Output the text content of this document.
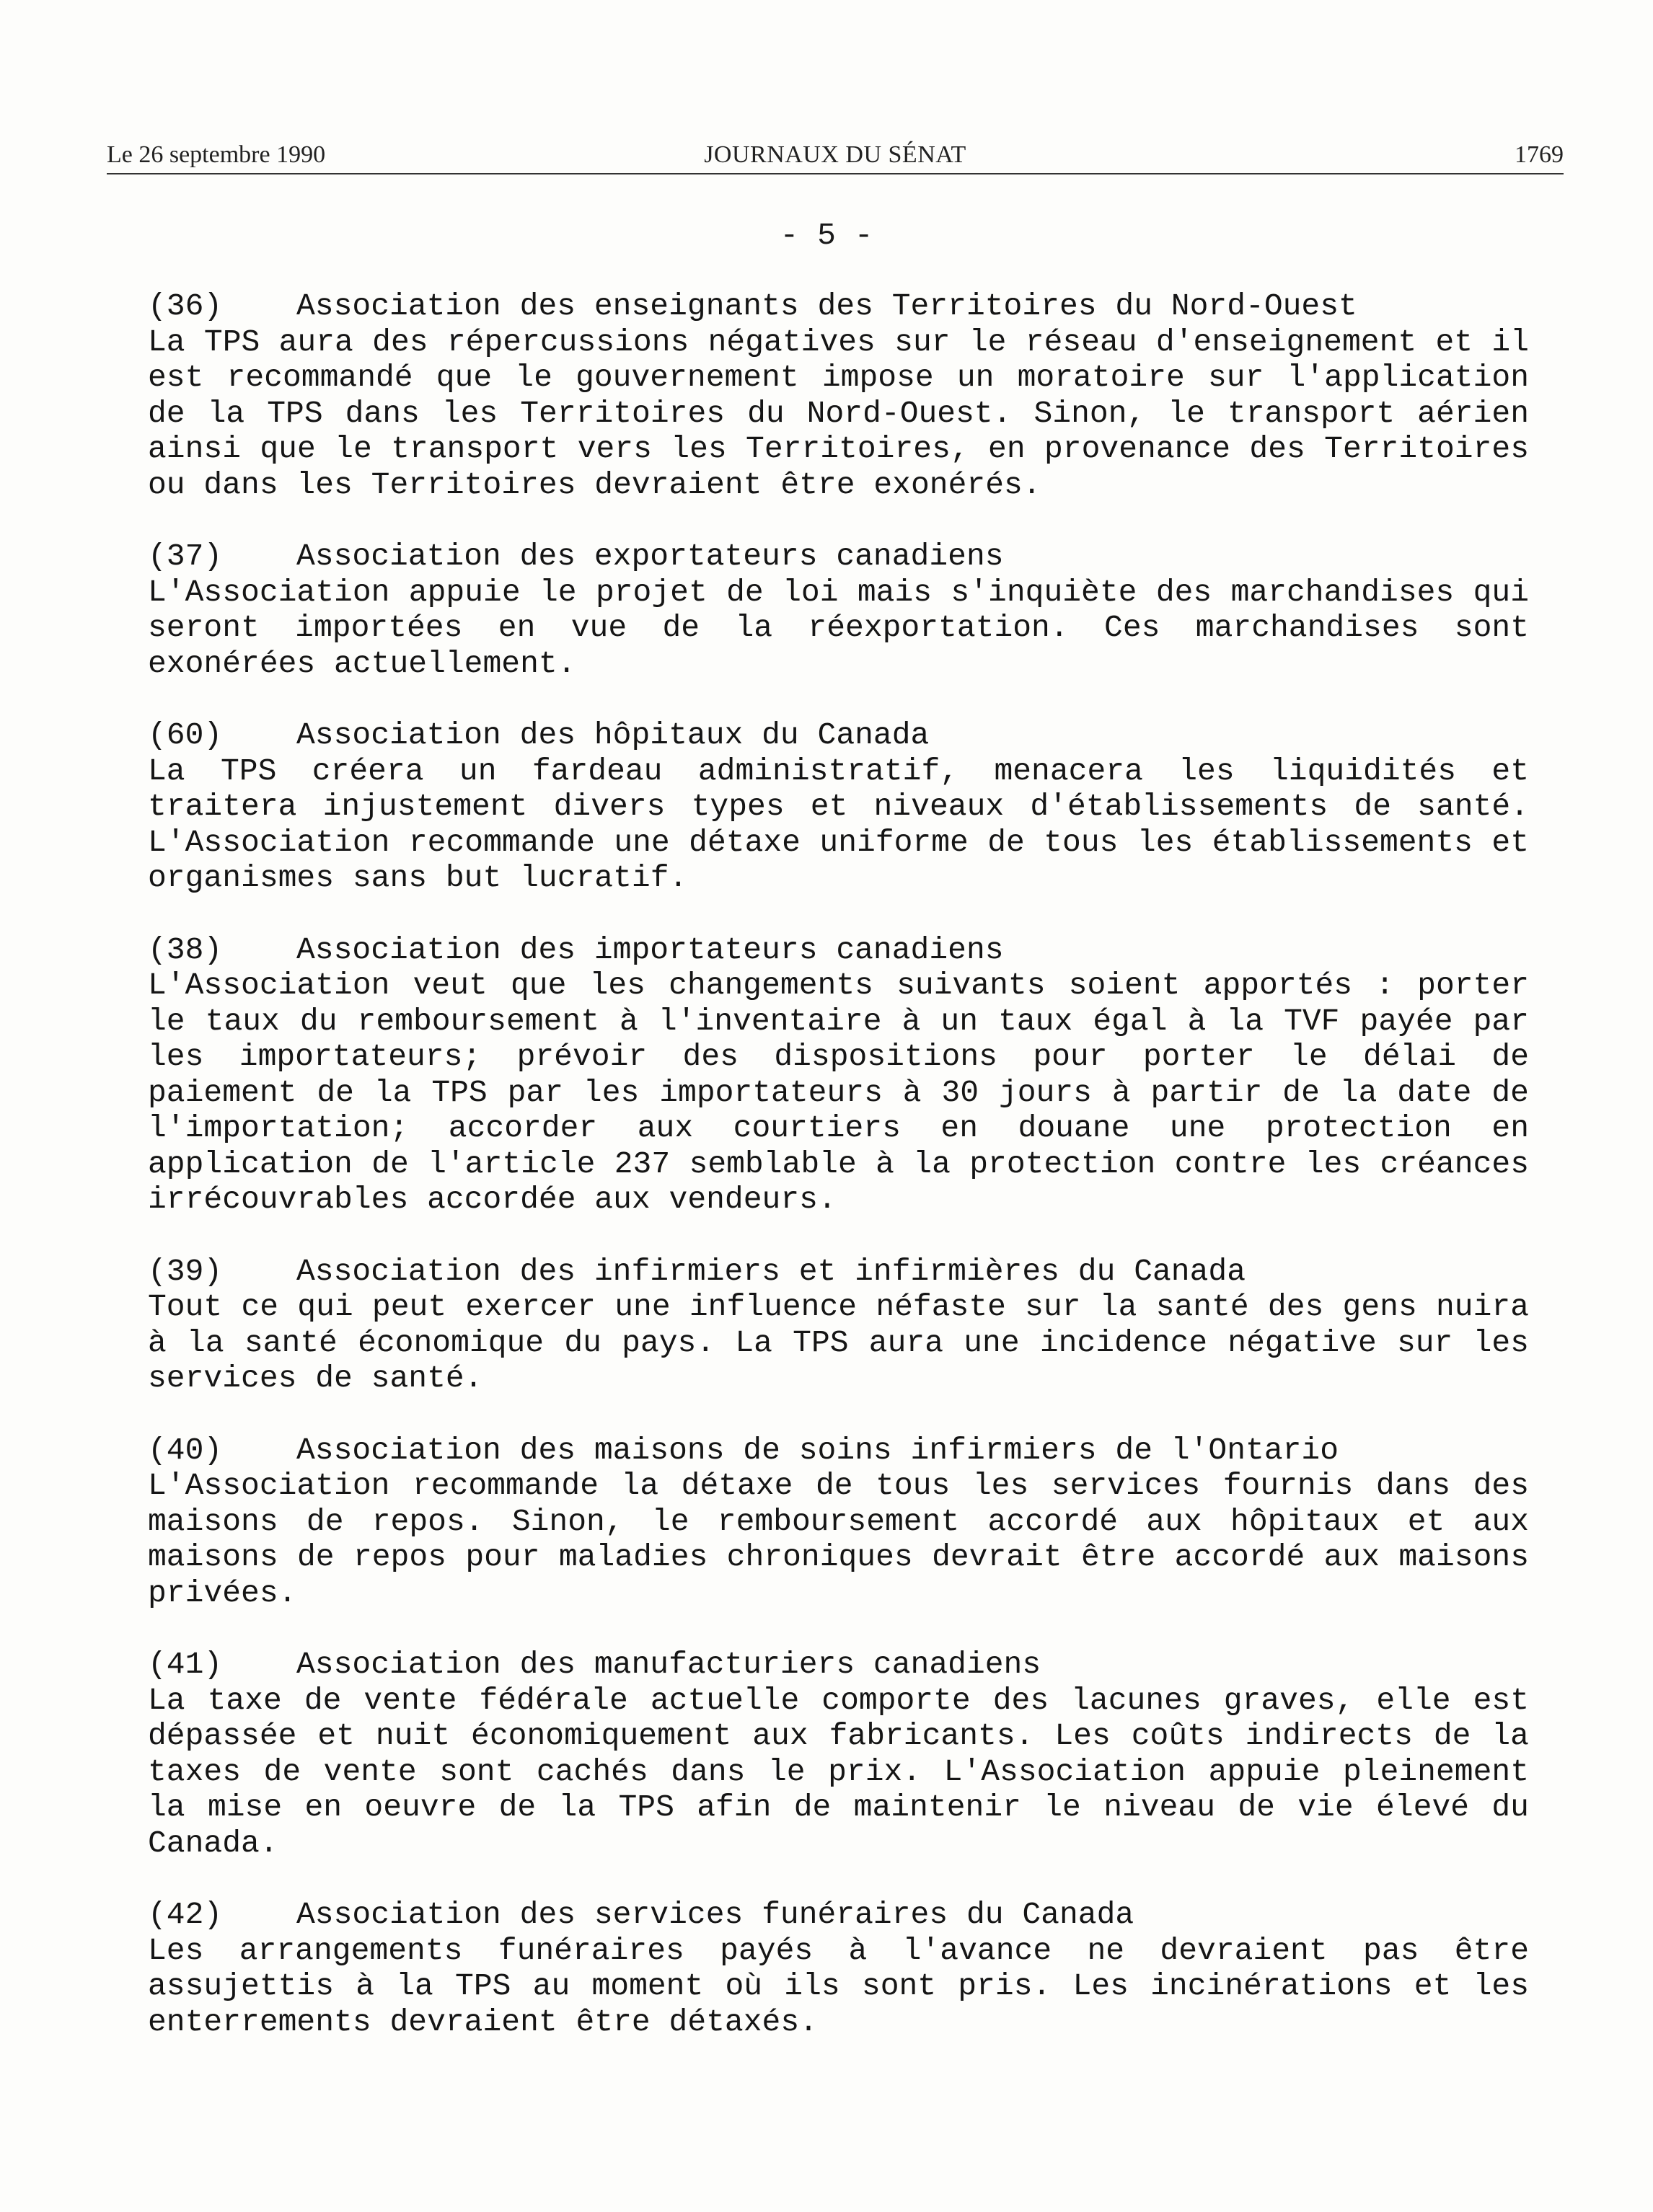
Le 26 septembre 1990	JOURNAUX DU SÉNAT	1769
- 5 -
(36) Association des enseignants des Territoires du Nord-Ouest
La TPS aura des répercussions négatives sur le réseau d'enseignement et il est recommandé que le gouvernement impose un moratoire sur l'application de la TPS dans les Territoires du Nord-Ouest. Sinon, le transport aérien ainsi que le transport vers les Territoires, en provenance des Territoires ou dans les Territoires devraient être exonérés.
(37) Association des exportateurs canadiens
L'Association appuie le projet de loi mais s'inquiète des marchandises qui seront importées en vue de la réexportation. Ces marchandises sont exonérées actuellement.
(60) Association des hôpitaux du Canada
La TPS créera un fardeau administratif, menacera les liquidités et traitera injustement divers types et niveaux d'établissements de santé. L'Association recommande une détaxe uniforme de tous les établissements et organismes sans but lucratif.
(38) Association des importateurs canadiens
L'Association veut que les changements suivants soient apportés : porter le taux du remboursement à l'inventaire à un taux égal à la TVF payée par les importateurs; prévoir des dispositions pour porter le délai de paiement de la TPS par les importateurs à 30 jours à partir de la date de l'importation; accorder aux courtiers en douane une protection en application de l'article 237 semblable à la protection contre les créances irrécouvrables accordée aux vendeurs.
(39) Association des infirmiers et infirmières du Canada
Tout ce qui peut exercer une influence néfaste sur la santé des gens nuira à la santé économique du pays. La TPS aura une incidence négative sur les services de santé.
(40) Association des maisons de soins infirmiers de l'Ontario
L'Association recommande la détaxe de tous les services fournis dans des maisons de repos. Sinon, le remboursement accordé aux hôpitaux et aux maisons de repos pour maladies chroniques devrait être accordé aux maisons privées.
(41) Association des manufacturiers canadiens
La taxe de vente fédérale actuelle comporte des lacunes graves, elle est dépassée et nuit économiquement aux fabricants. Les coûts indirects de la taxes de vente sont cachés dans le prix. L'Association appuie pleinement la mise en oeuvre de la TPS afin de maintenir le niveau de vie élevé du Canada.
(42) Association des services funéraires du Canada
Les arrangements funéraires payés à l'avance ne devraient pas être assujettis à la TPS au moment où ils sont pris. Les incinérations et les enterrements devraient être détaxés.
